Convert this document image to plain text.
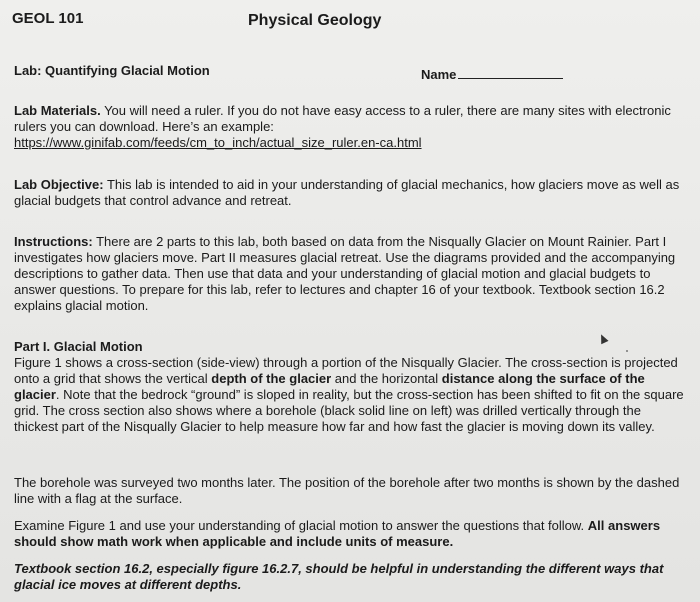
GEOL 101	Physical Geology
Lab: Quantifying Glacial Motion	Name
Lab Materials. You will need a ruler. If you do not have easy access to a ruler, there are many sites with electronic rulers you can download. Here’s an example:
https://www.ginifab.com/feeds/cm_to_inch/actual_size_ruler.en-ca.html
Lab Objective: This lab is intended to aid in your understanding of glacial mechanics, how glaciers move as well as glacial budgets that control advance and retreat.
Instructions: There are 2 parts to this lab, both based on data from the Nisqually Glacier on Mount Rainier. Part I investigates how glaciers move. Part II measures glacial retreat. Use the diagrams provided and the accompanying descriptions to gather data. Then use that data and your understanding of glacial motion and glacial budgets to answer questions. To prepare for this lab, refer to lectures and chapter 16 of your textbook. Textbook section 16.2 explains glacial motion.
Part I. Glacial Motion
Figure 1 shows a cross-section (side-view) through a portion of the Nisqually Glacier. The cross-section is projected onto a grid that shows the vertical depth of the glacier and the horizontal distance along the surface of the glacier. Note that the bedrock “ground” is sloped in reality, but the cross-section has been shifted to fit on the square grid. The cross section also shows where a borehole (black solid line on left) was drilled vertically through the thickest part of the Nisqually Glacier to help measure how far and how fast the glacier is moving down its valley.
The borehole was surveyed two months later. The position of the borehole after two months is shown by the dashed line with a flag at the surface.
Examine Figure 1 and use your understanding of glacial motion to answer the questions that follow. All answers should show math work when applicable and include units of measure.
Textbook section 16.2, especially figure 16.2.7, should be helpful in understanding the different ways that glacial ice moves at different depths.
